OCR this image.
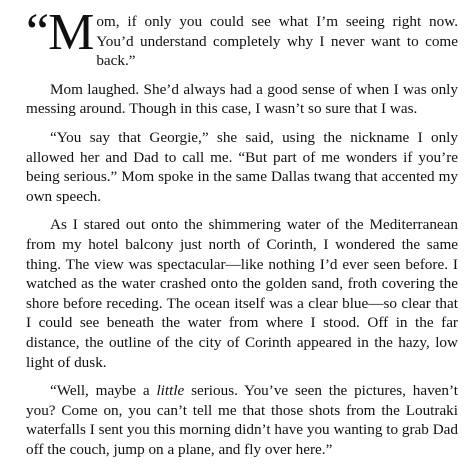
“Mom, if only you could see what I’m seeing right now. You’d understand completely why I never want to come back.”

Mom laughed. She’d always had a good sense of when I was only messing around. Though in this case, I wasn’t so sure that I was.

“You say that Georgie,” she said, using the nickname I only allowed her and Dad to call me. “But part of me wonders if you’re being serious.” Mom spoke in the same Dallas twang that accented my own speech.

As I stared out onto the shimmering water of the Mediterranean from my hotel balcony just north of Corinth, I wondered the same thing. The view was spectacular—like nothing I’d ever seen before. I watched as the water crashed onto the golden sand, froth covering the shore before receding. The ocean itself was a clear blue—so clear that I could see beneath the water from where I stood. Off in the far distance, the outline of the city of Corinth appeared in the hazy, low light of dusk.

“Well, maybe a little serious. You’ve seen the pictures, haven’t you? Come on, you can’t tell me that those shots from the Loutraki waterfalls I sent you this morning didn’t have you wanting to grab Dad off the couch, jump on a plane, and fly over here.”
